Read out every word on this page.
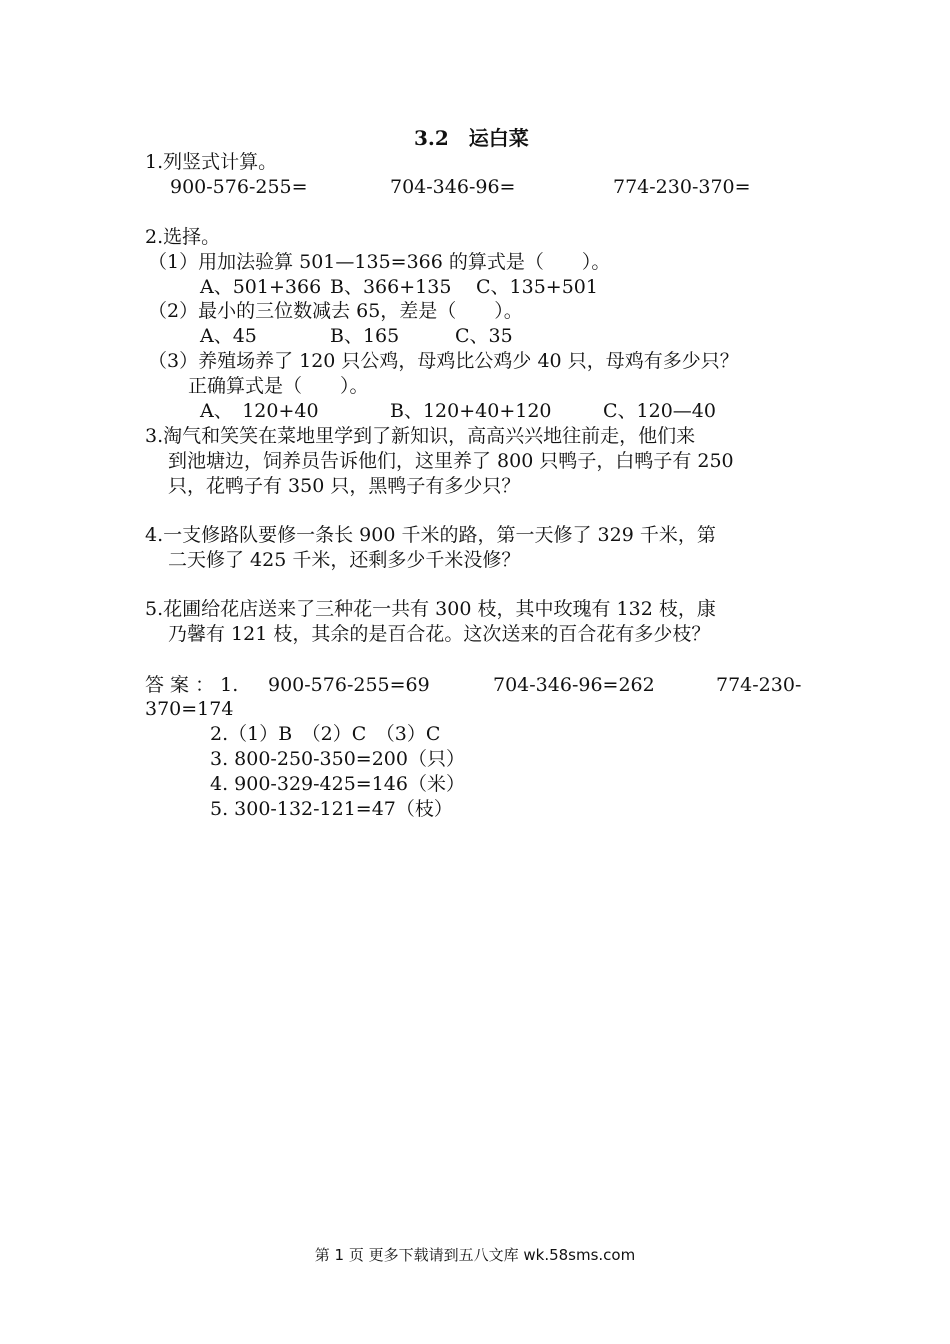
3.2　运白菜
1.列竖式计算。
900-576-255=	704-346-96=	774-230-370=
2.选择。
（1）用加法验算 501—135=366 的算式是（　　）。
A、501+366 B、366+135 C、135+501
（2）最小的三位数减去 65，差是（　　）。
A、45	B、165	C、35
（3）养殖场养了 120 只公鸡，母鸡比公鸡少 40 只，母鸡有多少只？
正确算式是（　　）。
A、　120+40	B、120+40+120	C、120—40
3.淘气和笑笑在菜地里学到了新知识，高高兴兴地往前走，他们来
到池塘边，饲养员告诉他们，这里养了 800 只鸭子，白鸭子有 250
只，花鸭子有 350 只，黑鸭子有多少只？
4.一支修路队要修一条长 900 千米的路，第一天修了 329 千米，第
二天修了 425 千米，还剩多少千米没修？
5.花圃给花店送来了三种花一共有 300 枝，其中玫瑰有 132 枝，康
乃馨有 121 枝，其余的是百合花。这次送来的百合花有多少枝？
答 案 ： 1. 900-576-255=69	704-346-96=262	774-230-
370=174
2.（1）B　（2）C　（3）C
3. 800-250-350=200（只）
4. 900-329-425=146（米）
5. 300-132-121=47（枝）
第 1 页 更多下载请到五八文库 wk.58sms.com
